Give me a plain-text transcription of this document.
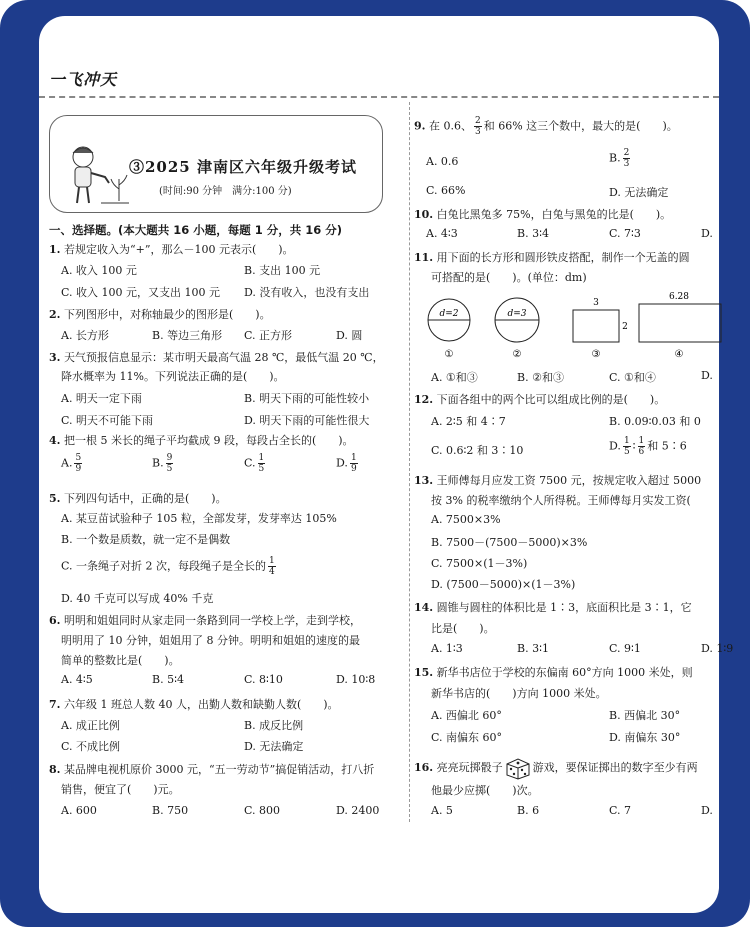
一飞冲天
③2025 津南区六年级升级考试
(时间:90 分钟　满分:100 分)
一、选择题。(本大题共 16 小题，每题 1 分，共 16 分)
1. 若规定收入为“+”，那么－100 元表示(　　)。
A. 收入 100 元	B. 支出 100 元
C. 收入 100 元，又支出 100 元 D. 没有收入，也没有支出
2. 下列图形中，对称轴最少的图形是(　　)。
A. 长方形	B. 等边三角形 C. 正方形	D. 圆
3. 天气预报信息显示：某市明天最高气温 28 ℃，最低气温 20 ℃，
降水概率为 11%。下列说法正确的是(　　)。
A. 明天一定下雨	B. 明天下雨的可能性较小
C. 明天不可能下雨	D. 明天下雨的可能性很大
4. 把一根 5 米长的绳子平均截成 9 段，每段占全长的(　　)。
A. $\frac{5}{9}$	B. $\frac{9}{5}$	C. $\frac{1}{5}$	D. $\frac{1}{9}$
5. 下列四句话中，正确的是(　　)。
A. 某豆苗试验种子 105 粒，全部发芽，发芽率达 105%
B. 一个数是质数，就一定不是偶数
C. 一条绳子对折 2 次，每段绳子是全长的 $\frac{1}{4}$
D. 40 千克可以写成 40% 千克
6. 明明和姐姐同时从家走同一条路到同一学校上学，走到学校，
明明用了 10 分钟，姐姐用了 8 分钟。明明和姐姐的速度的最
简单的整数比是(　　)。
A. 4∶5	B. 5∶4	C. 8∶10	D. 10∶8
7. 六年级 1 班总人数 40 人，出勤人数和缺勤人数(　　)。
A. 成正比例	B. 成反比例
C. 不成比例	D. 无法确定
8. 某品牌电视机原价 3000 元，“五一劳动节”搞促销活动，打八折
销售，便宜了(　　)元。
A. 600	B. 750	C. 800	D. 2400
9. 在 0.6、 $\frac{2}{3}$ 和 66% 这三个数中，最大的是(　　)。
A. 0.6	B. $\frac{2}{3}$
C. 66%	D. 无法确定
10. 白兔比黑兔多 75%，白兔与黑兔的比是(　　)。
A. 4∶3	B. 3∶4	C. 7∶3	D.
11. 用下面的长方形和圆形铁皮搭配，制作一个无盖的圆
可搭配的是(　　)。(单位：dm)
d=2
①
d=3
②
3
2
③
6.28
④
A. ①和③	B. ②和③	C. ①和④	D.
12. 下面各组中的两个比可以组成比例的是(　　)。
A. 2∶5 和 4∶7	B. 0.09∶0.03 和 0
C. 0.6∶2 和 3∶10	D. $\frac{1}{5}$ ∶ $\frac{1}{6}$ 和 5∶6
13. 王师傅每月应发工资 7500 元，按规定收入超过 5000
按 3% 的税率缴纳个人所得税。王师傅每月实发工资(
A. 7500×3%
B. 7500－(7500－5000)×3%
C. 7500×(1－3%)
D. (7500－5000)×(1－3%)
14. 圆锥与圆柱的体积比是 1∶3，底面积比是 3∶1，它
比是(　　)。
A. 1∶3	B. 3∶1	C. 9∶1	D. 1∶9
15. 新华书店位于学校的东偏南 60°方向 1000 米处，则
新华书店的(　　)方向 1000 米处。
A. 西偏北 60°	B. 西偏北 30°
C. 南偏东 60°	D. 南偏东 30°
16. 亮亮玩掷骰子	游戏，要保证掷出的数字至少有两
他最少应掷(　　)次。
A. 5	B. 6	C. 7	D.
